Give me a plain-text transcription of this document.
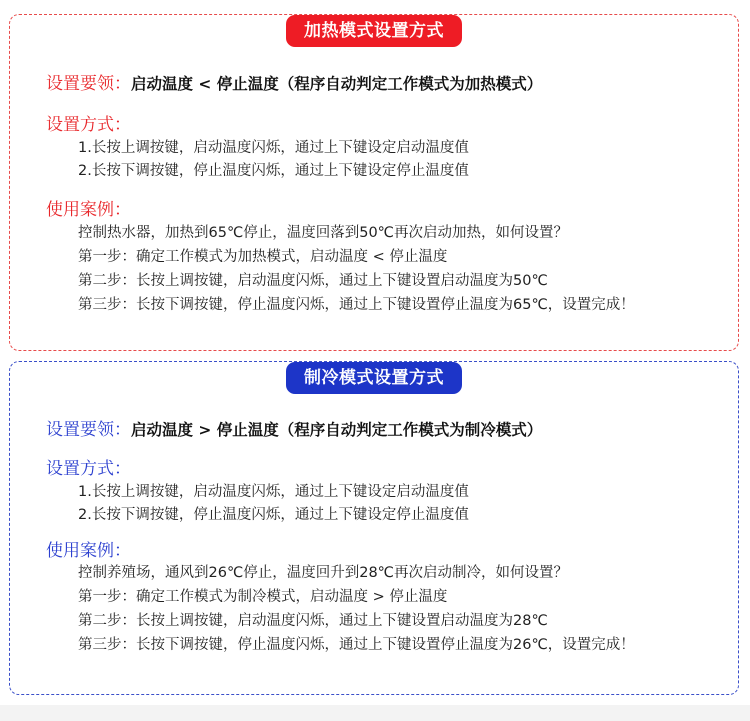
加热模式设置方式
设置要领：启动温度 < 停止温度（程序自动判定工作模式为加热模式）
设置方式：
1.长按上调按键，启动温度闪烁，通过上下键设定启动温度值
2.长按下调按键，停止温度闪烁，通过上下键设定停止温度值
使用案例：
控制热水器，加热到65℃停止，温度回落到50℃再次启动加热，如何设置？
第一步：确定工作模式为加热模式，启动温度 < 停止温度
第二步：长按上调按键，启动温度闪烁，通过上下键设置启动温度为50℃
第三步：长按下调按键，停止温度闪烁，通过上下键设置停止温度为65℃，设置完成！
制冷模式设置方式
设置要领：启动温度 > 停止温度（程序自动判定工作模式为制冷模式）
设置方式：
1.长按上调按键，启动温度闪烁，通过上下键设定启动温度值
2.长按下调按键，停止温度闪烁，通过上下键设定停止温度值
使用案例：
控制养殖场，通风到26℃停止，温度回升到28℃再次启动制冷，如何设置？
第一步：确定工作模式为制冷模式，启动温度 > 停止温度
第二步：长按上调按键，启动温度闪烁，通过上下键设置启动温度为28℃
第三步：长按下调按键，停止温度闪烁，通过上下键设置停止温度为26℃，设置完成！
